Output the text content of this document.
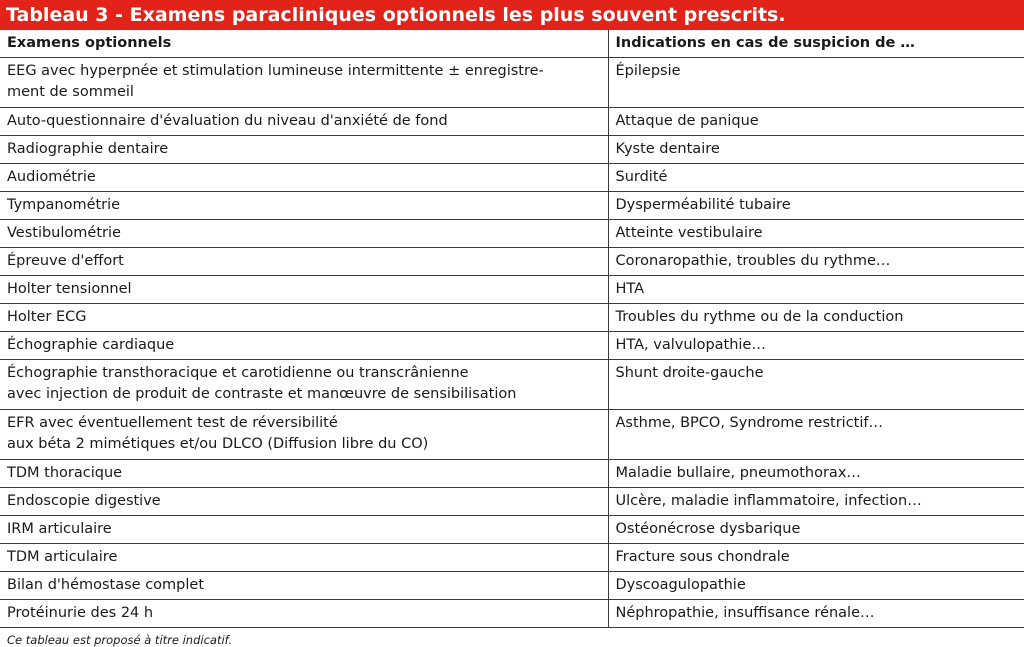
Tableau 3 - Examens paracliniques optionnels les plus souvent prescrits.
Examens optionnels	Indications en cas de suspicion de …

EEG avec hyperpnée et stimulation lumineuse intermittente ± enregistre-
ment de sommeil	Épilepsie

Auto-questionnaire d'évaluation du niveau d'anxiété de fond	Attaque de panique

Radiographie dentaire	Kyste dentaire

Audiométrie	Surdité

Tympanométrie	Dysperméabilité tubaire

Vestibulométrie	Atteinte vestibulaire

Épreuve d'effort	Coronaropathie, troubles du rythme…

Holter tensionnel	HTA

Holter ECG	Troubles du rythme ou de la conduction

Échographie cardiaque	HTA, valvulopathie…

Échographie transthoracique et carotidienne ou transcrânienne
avec injection de produit de contraste et manœuvre de sensibilisation	Shunt droite-gauche

EFR avec éventuellement test de réversibilité
aux béta 2 mimétiques et/ou DLCO (Diffusion libre du CO)	Asthme, BPCO, Syndrome restrictif…

TDM thoracique	Maladie bullaire, pneumothorax…

Endoscopie digestive	Ulcère, maladie inflammatoire, infection…

IRM articulaire	Ostéonécrose dysbarique

TDM articulaire	Fracture sous chondrale

Bilan d'hémostase complet	Dyscoagulopathie

Protéinurie des 24 h	Néphropathie, insuffisance rénale…
Ce tableau est proposé à titre indicatif.
